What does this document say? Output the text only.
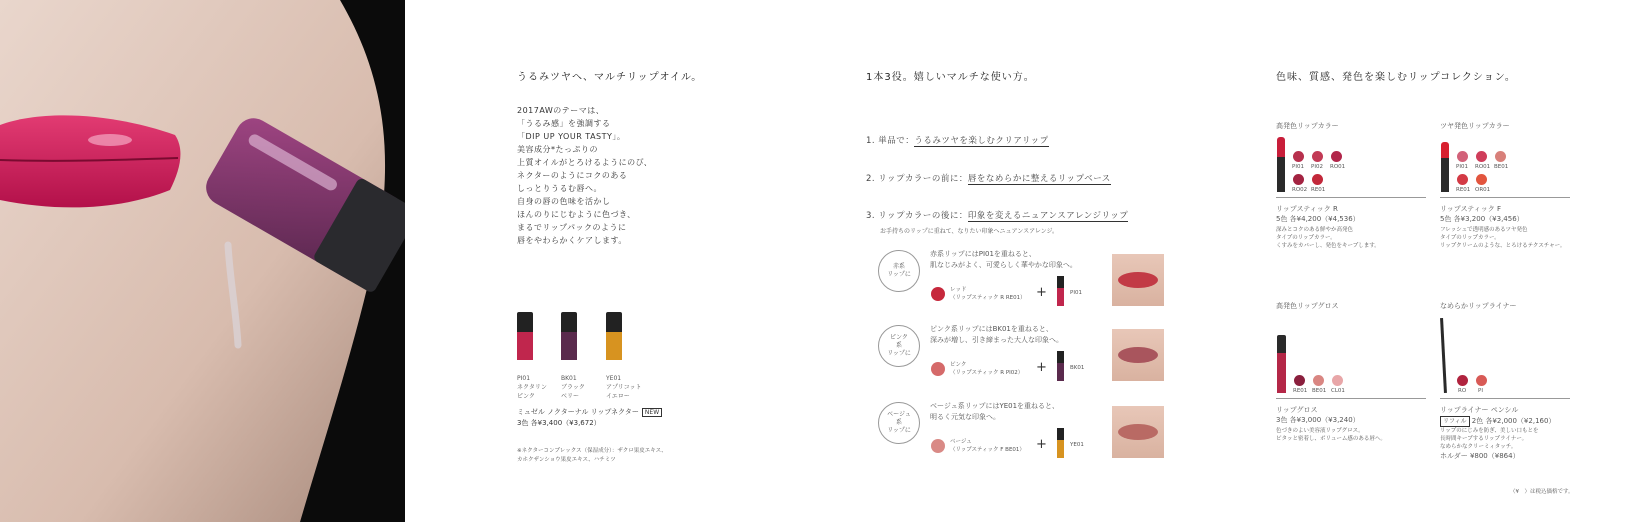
うるみツヤへ、マルチリップオイル。
2017AWのテーマは、
「うるみ感」を強調する
「DIP UP YOUR TASTY」。
美容成分*たっぷりの
上質オイルがとろけるようにのび、
ネクターのようにコクのある
しっとりうるむ唇へ。
自身の唇の色味を活かし
ほんのりにじむように色づき、
まるでリップパックのように
唇をやわらかくケアします。
PI01
ネクタリン
ピンク
BK01
ブラック
ベリー
YE01
アプリコット
イエロー
ミュゼル ノクターナル リップネクター NEW
3色 各¥3,400（¥3,672）
※ネクターコンプレックス（保湿成分）：ザクロ果皮エキス、
カホクザンショウ果皮エキス、ハチミツ
1本3役。嬉しいマルチな使い方。
1. 単品で：うるみツヤを楽しむクリアリップ
2. リップカラーの前に：唇をなめらかに整えるリップベース
3. リップカラーの後に：印象を変えるニュアンスアレンジリップ
お手持ちのリップに重ねて、なりたい印象へニュアンスアレンジ。
赤系
リップに
赤系リップにはPI01を重ねると、
肌なじみがよく、可愛らしく華やかな印象へ。
レッド
（リップスティック R RE01） +	PI01
ピンク
系
リップに
ピンク系リップにはBK01を重ねると、
深みが増し、引き締まった大人な印象へ。
ピンク
（リップスティック R PI02） +	BK01
ベージュ
系
リップに
ベージュ系リップにはYE01を重ねると、
明るく元気な印象へ。
ベージュ
（リップスティック F BE01） +	YE01
色味、質感、発色を楽しむリップコレクション。
高発色リップカラー
PI01 PI02 RO01
RO02 RE01
リップスティック R
5色 各¥4,200（¥4,536）
深みとコクのある鮮やか高発色
タイプのリップカラー。
くすみをカバーし、発色をキープします。
ツヤ発色リップカラー
PI01 RO01 BE01
RE01 OR01
リップスティック F
5色 各¥3,200（¥3,456）
フレッシュで透明感のあるツヤ発色
タイプのリップカラー。
リップクリームのような、とろけるテクスチャー。
高発色リップグロス
RE01 BE01 CL01
リップグロス
3色 各¥3,000（¥3,240）
色づきのよい美容液リップグロス。
ピタッと密着し、ボリューム感のある唇へ。
なめらかリップライナー
RO PI
リップライナー ペンシル
リフィル 2色 各¥2,000（¥2,160）
リップのにじみを防ぎ、美しい口もとを
長時間キープするリップライナー。
なめらかなクリーミィタッチ。
ホルダー ¥800（¥864）
（¥　）は税込価格です。
